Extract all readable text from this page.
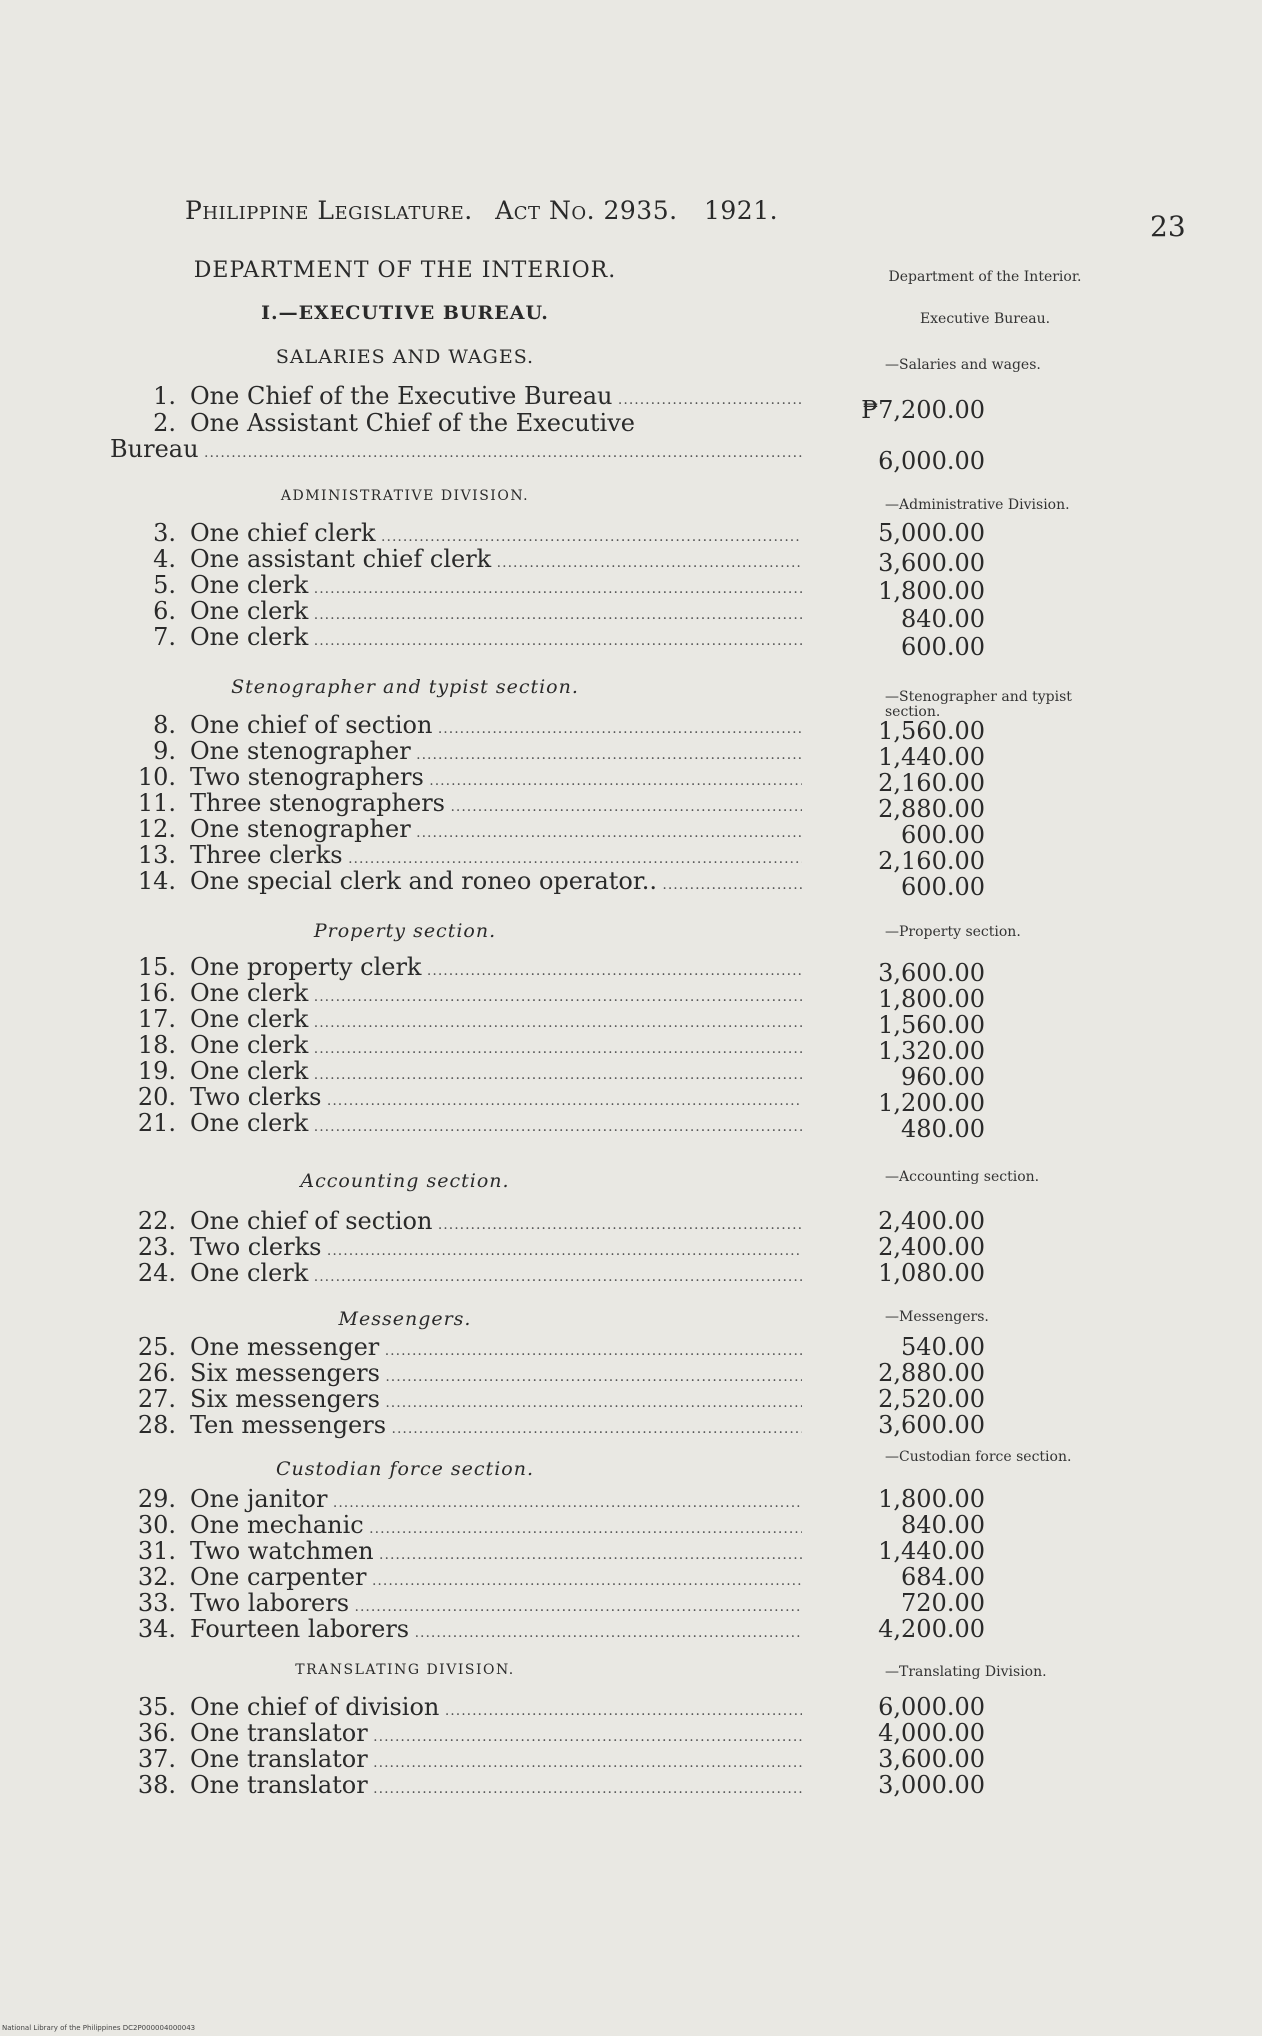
Philippine Legislature. Act No. 2935. 1921.	23
DEPARTMENT OF THE INTERIOR.
I.—EXECUTIVE BUREAU.
SALARIES AND WAGES.
ADMINISTRATIVE DIVISION.
Stenographer and typist section.
Property section.
Accounting section.
Messengers.
Custodian force section.
TRANSLATING DIVISION.
Department of the Interior.
Executive Bureau.
—Salaries and wages.
—Administrative Division.
—Stenographer and typist section.
—Property section.
—Accounting section.
—Messengers.
—Custodian force section.
—Translating Division.
1. One Chief of the Executive Bureau .....	₱7,200.00
2. One Assistant Chief of the Executive
Bureau .....	6,000.00
3. One chief clerk .....	5,000.00
4. One assistant chief clerk .....	3,600.00
5. One clerk .....	1,800.00
6. One clerk .....	840.00
7. One clerk .....	600.00
8. One chief of section .....	1,560.00
9. One stenographer .....	1,440.00
10. Two stenographers .....	2,160.00
11. Three stenographers .....	2,880.00
12. One stenographer .....	600.00
13. Three clerks .....	2,160.00
14. One special clerk and roneo operator.. .....	600.00
15. One property clerk .....	3,600.00
16. One clerk .....	1,800.00
17. One clerk .....	1,560.00
18. One clerk .....	1,320.00
19. One clerk .....	960.00
20. Two clerks .....	1,200.00
21. One clerk .....	480.00
22. One chief of section .....	2,400.00
23. Two clerks .....	2,400.00
24. One clerk .....	1,080.00
25. One messenger .....	540.00
26. Six messengers .....	2,880.00
27. Six messengers .....	2,520.00
28. Ten messengers .....	3,600.00
29. One janitor .....	1,800.00
30. One mechanic .....	840.00
31. Two watchmen .....	1,440.00
32. One carpenter .....	684.00
33. Two laborers .....	720.00
34. Fourteen laborers .....	4,200.00
35. One chief of division .....	6,000.00
36. One translator .....	4,000.00
37. One translator .....	3,600.00
38. One translator .....	3,000.00
National Library of the Philippines DC2P000004000043
